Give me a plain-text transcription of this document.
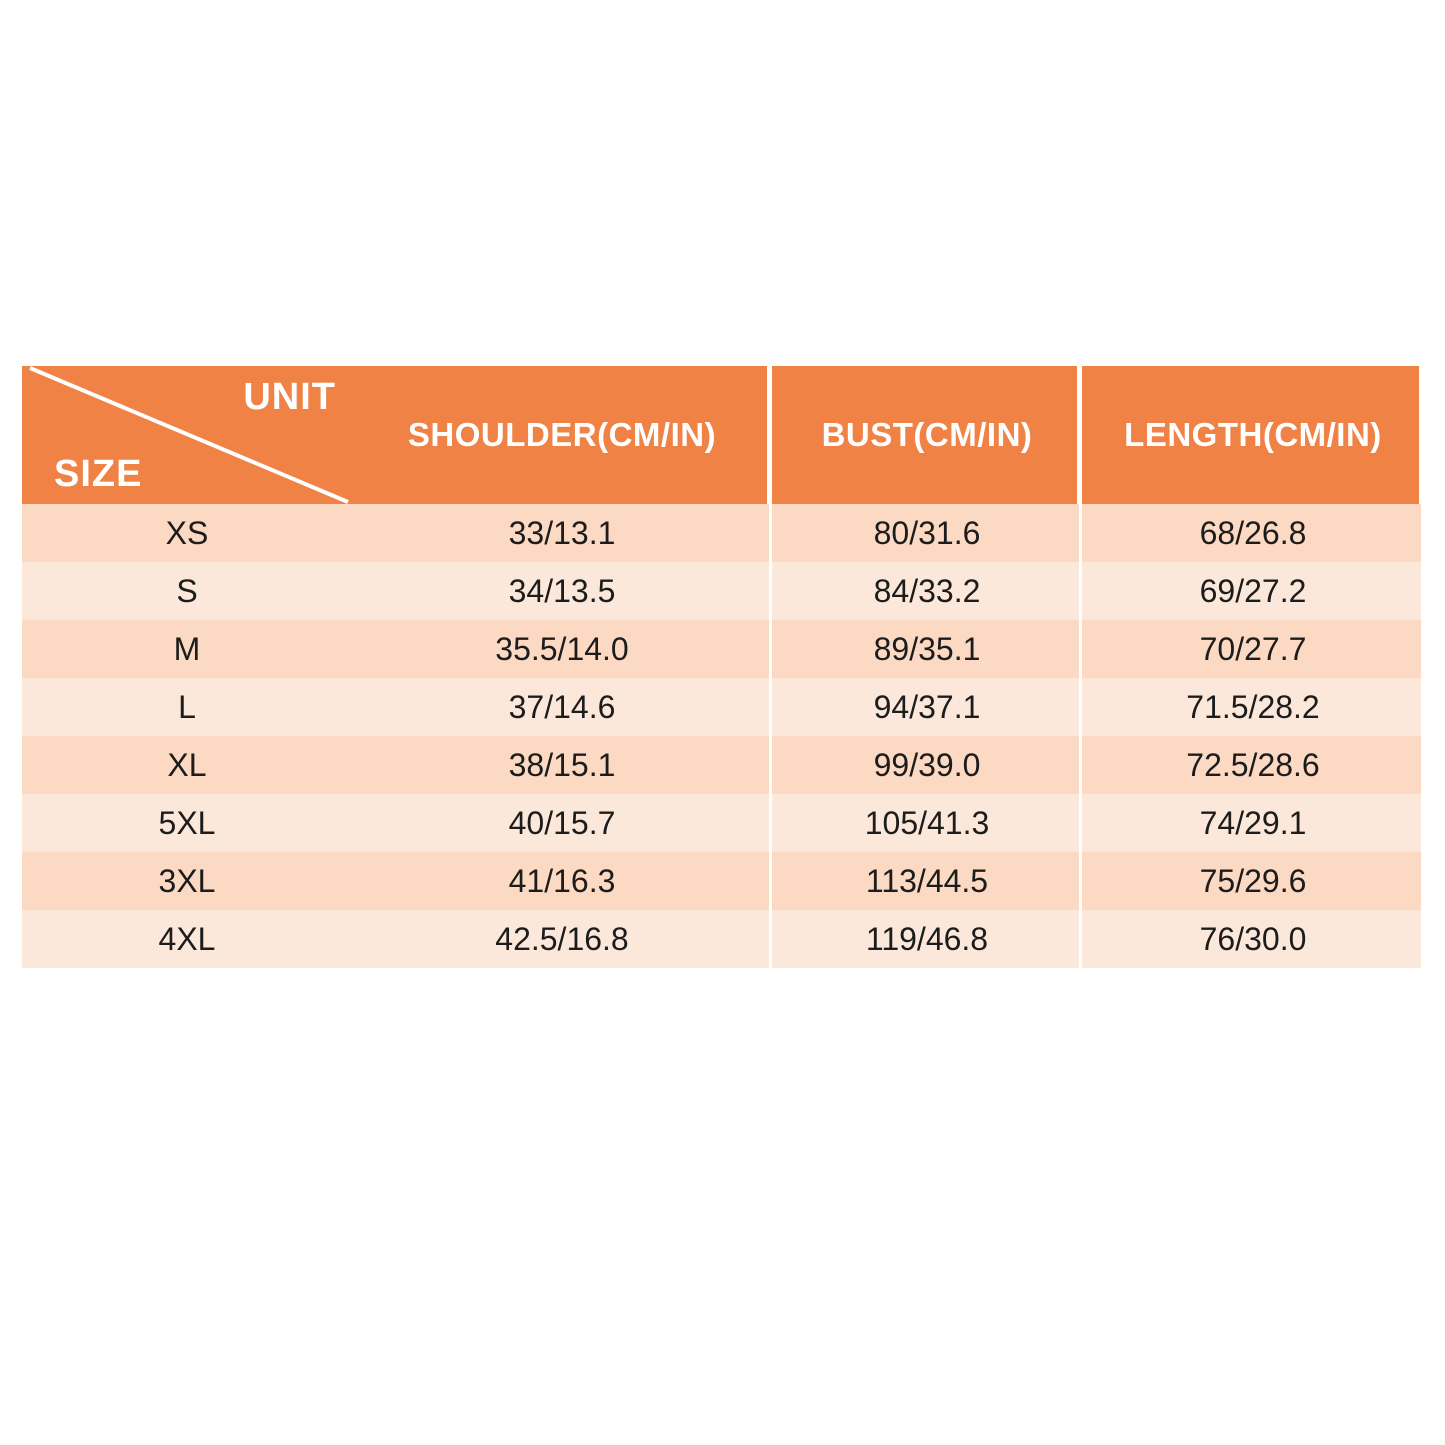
UNIT
SIZE	SHOULDER(CM/IN)	BUST(CM/IN)	LENGTH(CM/IN)
XS	33/13.1	80/31.6	68/26.8
S	34/13.5	84/33.2	69/27.2
M	35.5/14.0	89/35.1	70/27.7
L	37/14.6	94/37.1	71.5/28.2
XL	38/15.1	99/39.0	72.5/28.6
5XL	40/15.7	105/41.3	74/29.1
3XL	41/16.3	113/44.5	75/29.6
4XL	42.5/16.8	119/46.8	76/30.0
